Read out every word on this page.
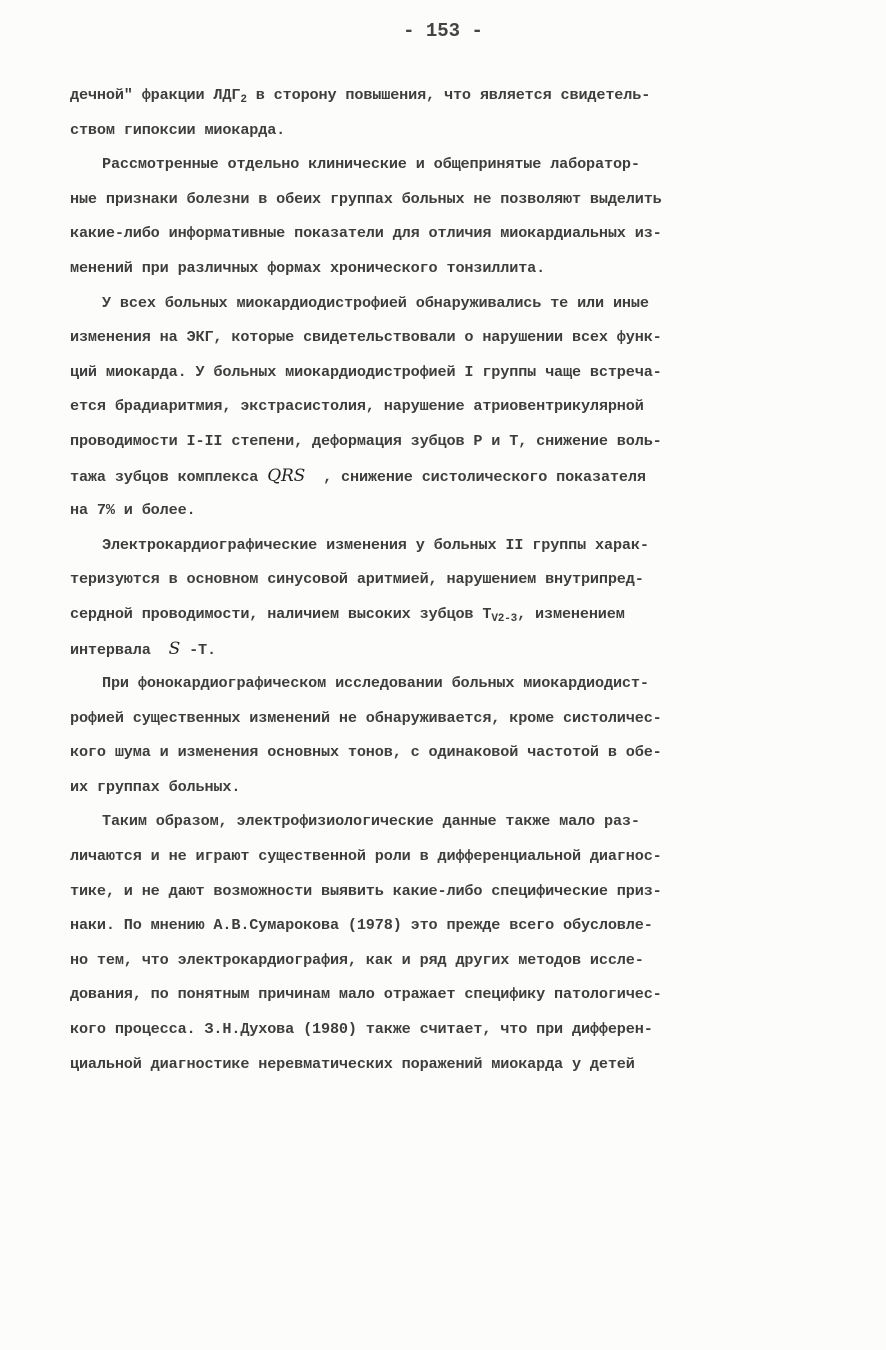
- 153 -
дечной" фракции $ЛДГ_2$ в сторону повышения, что является свидетель-
ством гипоксии миокарда.
Рассмотренные отдельно клинические и общепринятые лаборатор-
ные признаки болезни в обеих группах больных не позволяют выделить
какие-либо информативные показатели для отличия миокардиальных из-
менений при различных формах хронического тонзиллита.
У всех больных миокардиодистрофией обнаруживались те или иные
изменения на ЭКГ, которые свидетельствовали о нарушении всех функ-
ций миокарда. У больных миокардиодистрофией I группы чаще встреча-
ется брадиаритмия, экстрасистолия, нарушение атриовентрикулярной
проводимости I-II степени, деформация зубцов P и T, снижение воль-
тажа зубцов комплекса QRS  , снижение систолического показателя
на 7% и более.
Электрокардиографические изменения у больных II группы харак-
теризуются в основном синусовой аритмией, нарушением внутрипред-
сердной проводимости, наличием высоких зубцов $T_{V2-3}$, изменением
интервала  S -T.
При фонокардиографическом исследовании больных миокардиодист-
рофией существенных изменений не обнаруживается, кроме систоличес-
кого шума и изменения основных тонов, с одинаковой частотой в обе-
их группах больных.
Таким образом, электрофизиологические данные также мало раз-
личаются и не играют существенной роли в дифференциальной диагнос-
тике, и не дают возможности выявить какие-либо специфические приз-
наки. По мнению А.В.Сумарокова (1978) это прежде всего обусловле-
но тем, что электрокардиография, как и ряд других методов иссле-
дования, по понятным причинам мало отражает специфику патологичес-
кого процесса. З.Н.Духова (1980) также считает, что при дифферен-
циальной диагностике неревматических поражений миокарда у детей
